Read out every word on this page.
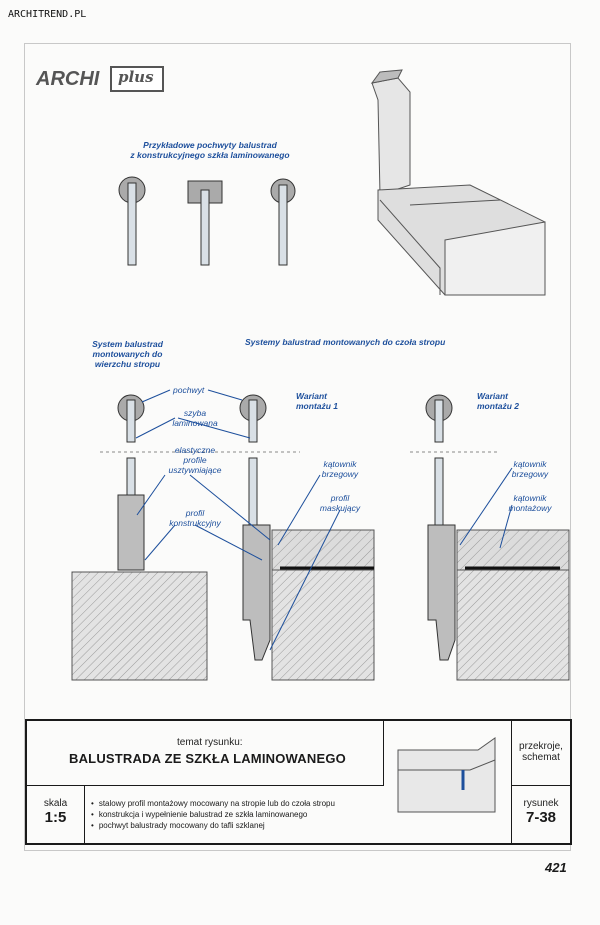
ARCHITREND.PL
ARCHI plus
Przykładowe pochwyty balustrad
z konstrukcyjnego szkła laminowanego
System balustrad
montowanych do
wierzchu stropu
Systemy balustrad montowanych do czoła stropu
Wariant
montażu 1
Wariant
montażu 2
pochwyt
szyba
laminowana
elastyczne
profile
usztywniające
profil
konstrukcyjny
kątownik
brzegowy
profil
maskujący
kątownik
brzegowy
kątownik
montażowy
temat rysunku:
BALUSTRADA ZE SZKŁA LAMINOWANEGO
przekroje,
schemat
skala
1:5
• stalowy profil montażowy mocowany na stropie lub do czoła stropu
• konstrukcja i wypełnienie balustrad ze szkła laminowanego
• pochwyt balustrady mocowany do tafli szklanej
rysunek
7-38
421
